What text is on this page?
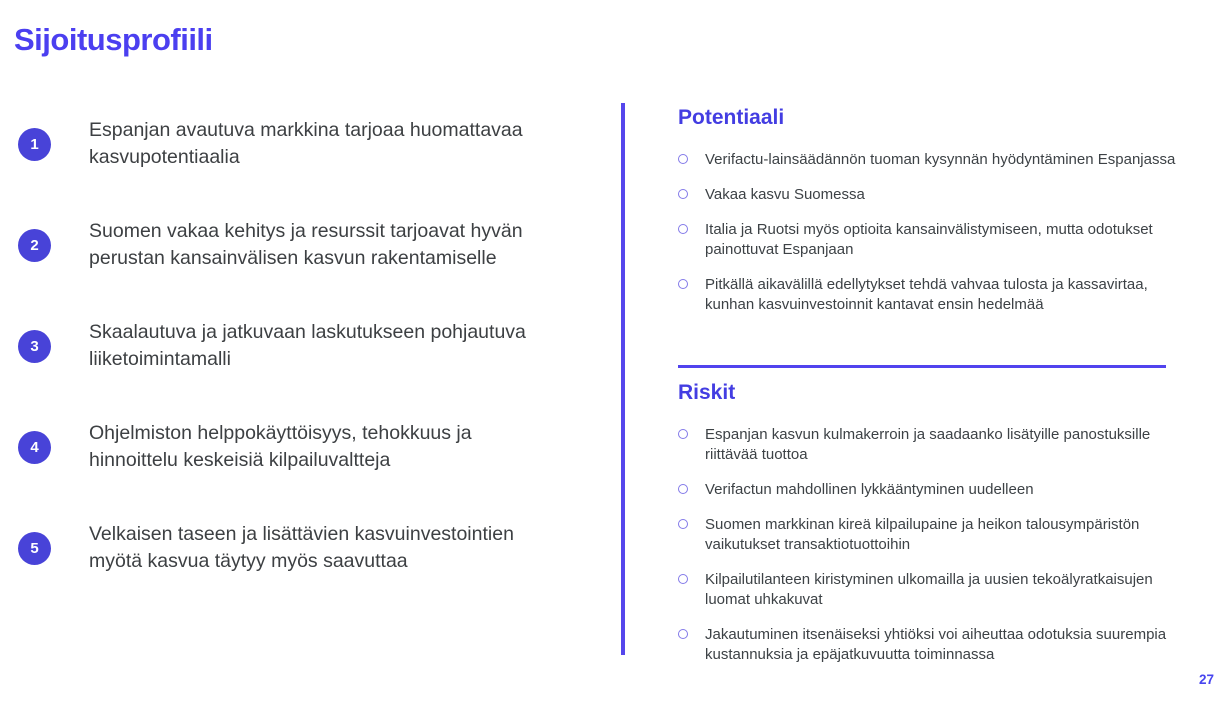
Sijoitusprofiili
1
Espanjan avautuva markkina tarjoaa huomattavaa kasvupotentiaalia
2
Suomen vakaa kehitys ja resurssit tarjoavat hyvän perustan kansainvälisen kasvun rakentamiselle
3
Skaalautuva ja jatkuvaan laskutukseen pohjautuva liiketoimintamalli
4
Ohjelmiston helppokäyttöisyys, tehokkuus ja hinnoittelu keskeisiä kilpailuvaltteja
5
Velkaisen taseen ja lisättävien kasvuinvestointien myötä kasvua täytyy myös saavuttaa
Potentiaali
Verifactu-lainsäädännön tuoman kysynnän hyödyntäminen Espanjassa
Vakaa kasvu Suomessa
Italia ja Ruotsi myös optioita kansainvälistymiseen, mutta odotukset painottuvat Espanjaan
Pitkällä aikavälillä edellytykset tehdä vahvaa tulosta ja kassavirtaa, kunhan kasvuinvestoinnit kantavat ensin hedelmää
Riskit
Espanjan kasvun kulmakerroin ja saadaanko lisätyille panostuksille riittävää tuottoa
Verifactun mahdollinen lykkääntyminen uudelleen
Suomen markkinan kireä kilpailupaine ja heikon talousympäristön vaikutukset transaktiotuottoihin
Kilpailutilanteen kiristyminen ulkomailla ja uusien tekoälyratkaisujen luomat uhkakuvat
Jakautuminen itsenäiseksi yhtiöksi voi aiheuttaa odotuksia suurempia kustannuksia ja epäjatkuvuutta toiminnassa
27
